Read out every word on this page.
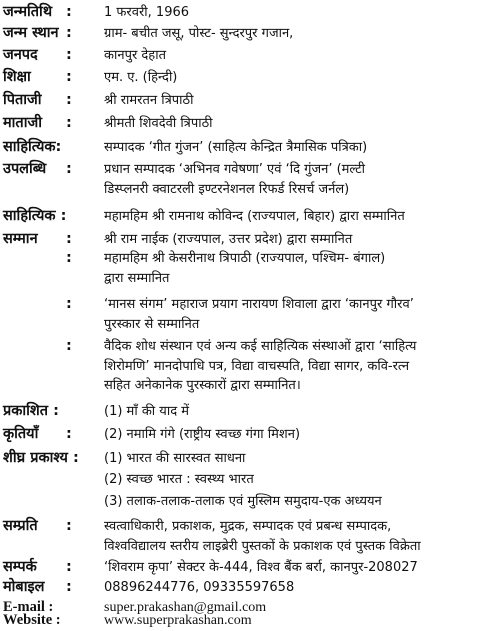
जन्मतिथि : 1 फरवरी, 1966
जन्म स्थान : ग्राम- बचीत जसू, पोस्ट- सुन्दरपुर गजान,
जनपद : कानपुर देहात
शिक्षा : एम. ए. (हिन्दी)
पिताजी : श्री रामरतन त्रिपाठी
माताजी : श्रीमती शिवदेवी त्रिपाठी
साहित्यिक:	सम्पादक ‘गीत गुंजन’ (साहित्य केन्द्रित त्रैमासिक पत्रिका)
उपलब्धि : प्रधान सम्पादक ‘अभिनव गवेषणा’ एवं ‘दि गुंजन’ (मल्टी
डिस्प्लनरी क्वाटरली इण्टरनेशनल रिफर्ड रिसर्च जर्नल)
साहित्यिक :	महामहिम श्री रामनाथ कोविन्द (राज्यपाल, बिहार) द्वारा सम्मानित
सम्मान : श्री राम नाईक (राज्यपाल, उत्तर प्रदेश) द्वारा सम्मानित
: महामहिम श्री केसरीनाथ त्रिपाठी (राज्यपाल, पश्चिम- बंगाल)
द्वारा सम्मानित
: ‘मानस संगम’ महाराज प्रयाग नारायण शिवाला द्वारा ‘कानपुर गौरव’
पुरस्कार से सम्मानित
: वैदिक शोध संस्थान एवं अन्य कई साहित्यिक संस्थाओं द्वारा ‘साहित्य
शिरोमणि’ मानदोपाधि पत्र, विद्या वाचस्पति, विद्या सागर, कवि-रत्न
सहित अनेकानेक पुरस्कारों द्वारा सम्मानित।
प्रकाशित :	(1) माँ की याद में
कृतियाँ : (2) नमामि गंगे (राष्ट्रीय स्वच्छ गंगा मिशन)
शीघ्र प्रकाश्य : (1) भारत की सारस्वत साधना
(2) स्वच्छ भारत : स्वस्थ्य भारत
(3) तलाक-तलाक-तलाक एवं मुस्लिम समुदाय-एक अध्ययन
सम्प्रति : स्वत्वाधिकारी, प्रकाशक, मुद्रक, सम्पादक एवं प्रबन्ध सम्पादक,
विश्वविद्यालय स्तरीय लाइब्रेरी पुस्तकों के प्रकाशक एवं पुस्तक विक्रेता
सम्पर्क : ‘शिवराम कृपा’ सेक्टर के-444, विश्व बैंक बर्रा, कानपुर-208027
मोबाइल : 08896244776, 09335597658
E-mail :	super.prakashan@gmail.com
Website :	www.superprakashan.com
